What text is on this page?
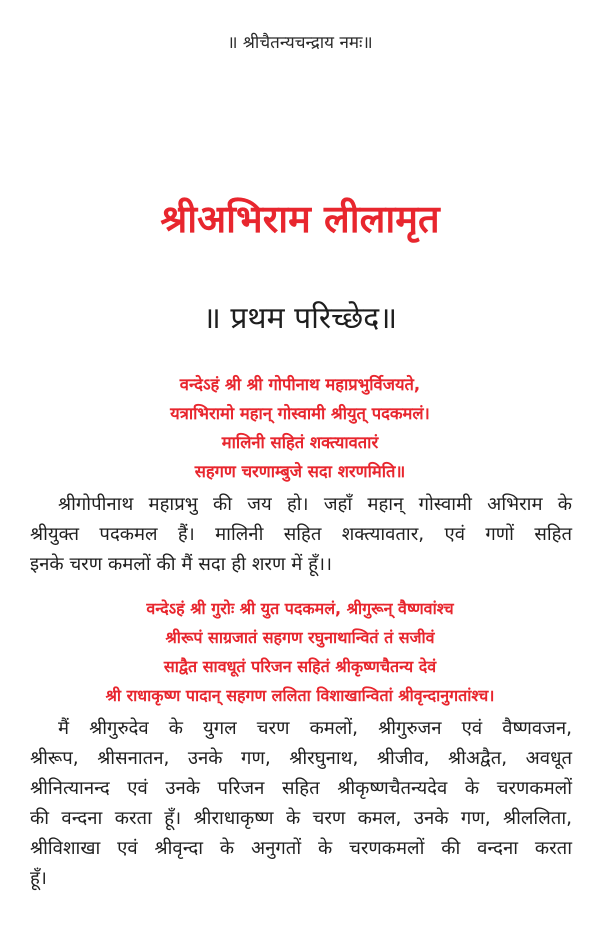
॥ श्रीचैतन्यचन्द्राय नमः॥
श्रीअभिराम लीलामृत
॥ प्रथम परिच्छेद॥
वन्देऽहं श्री श्री गोपीनाथ महाप्रभुर्विजयते,
यत्राभिरामो महान् गोस्वामी श्रीयुत् पदकमलं।
मालिनी सहितं शक्त्यावतारं
सहगण चरणाम्बुजे सदा शरणमिति॥
श्रीगोपीनाथ महाप्रभु की जय हो। जहाँ महान् गोस्वामी अभिराम के
श्रीयुक्त पदकमल हैं। मालिनी सहित शक्त्यावतार, एवं गणों सहित
इनके चरण कमलों की मैं सदा ही शरण में हूँ।।
वन्देऽहं श्री गुरोः श्री युत पदकमलं, श्रीगुरून् वैष्णवांश्च
श्रीरूपं साग्रजातं सहगण रघुनाथान्वितं तं सजीवं
साद्वैत सावधूतं परिजन सहितं श्रीकृष्णचैतन्य देवं
श्री राधाकृष्ण पादान् सहगण ललिता विशाखान्वितां श्रीवृन्दानुगतांश्च।
मैं श्रीगुरुदेव के युगल चरण कमलों, श्रीगुरुजन एवं वैष्णवजन,
श्रीरूप, श्रीसनातन, उनके गण, श्रीरघुनाथ, श्रीजीव, श्रीअद्वैत, अवधूत
श्रीनित्यानन्द एवं उनके परिजन सहित श्रीकृष्णचैतन्यदेव के चरणकमलों
की वन्दना करता हूँ। श्रीराधाकृष्ण के चरण कमल, उनके गण, श्रीललिता,
श्रीविशाखा एवं श्रीवृन्दा के अनुगतों के चरणकमलों की वन्दना करता
हूँ।
